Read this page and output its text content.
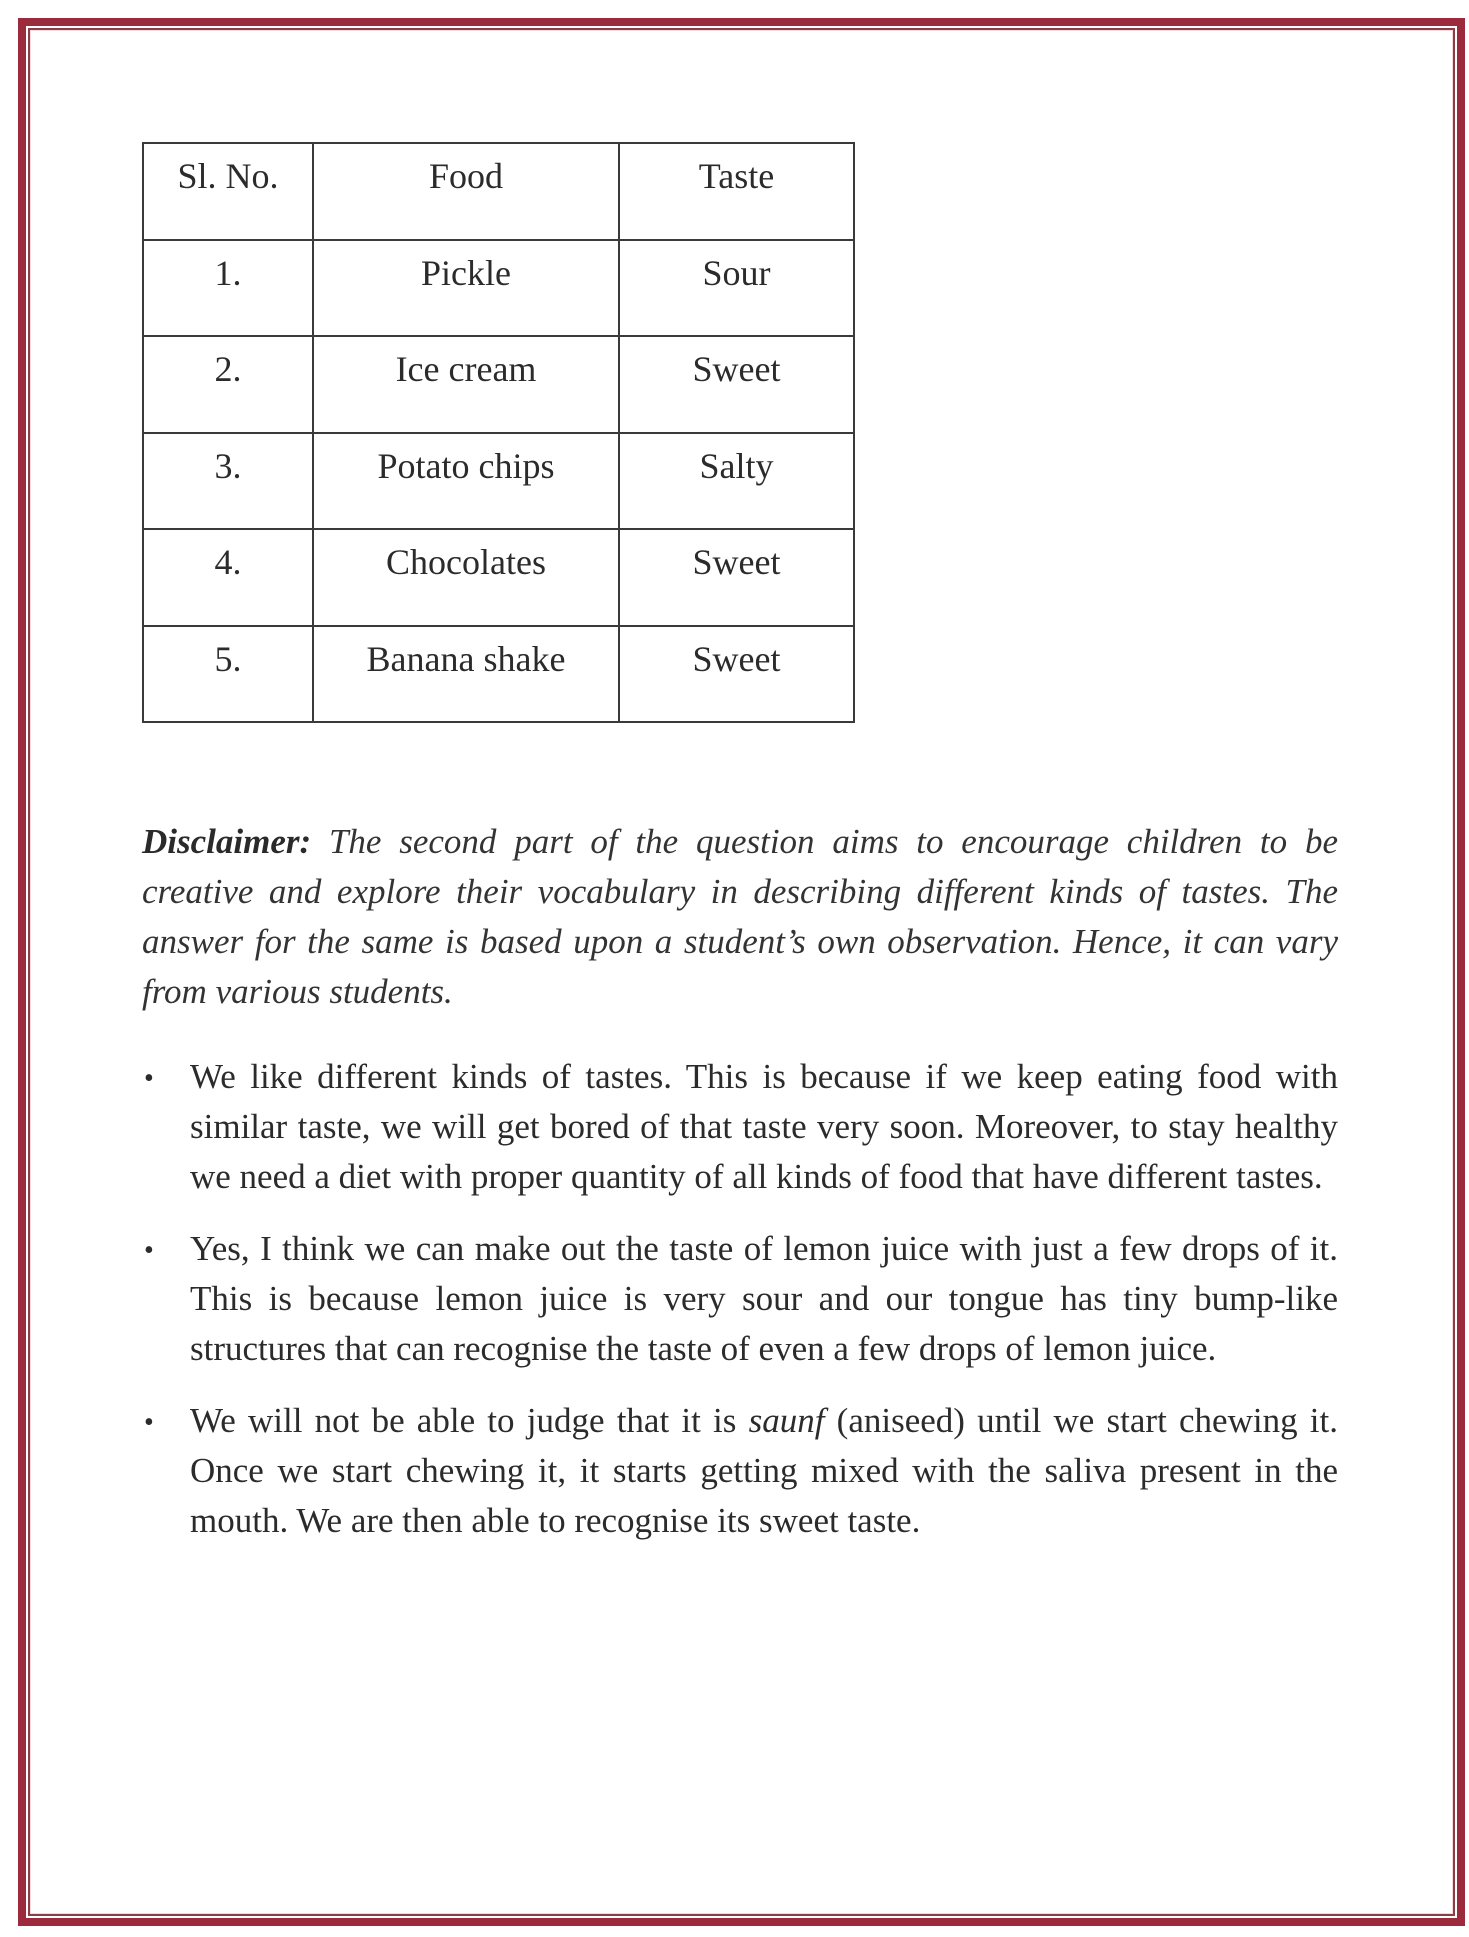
Sl. No.	Food	Taste
1.	Pickle	Sour
2.	Ice cream	Sweet
3.	Potato chips	Salty
4.	Chocolates	Sweet
5.	Banana shake	Sweet

Disclaimer: The second part of the question aims to encourage children to be creative and explore their vocabulary in describing different kinds of tastes. The answer for the same is based upon a student’s own observation. Hence, it can vary from various students.

• We like different kinds of tastes. This is because if we keep eating food with similar taste, we will get bored of that taste very soon. Moreover, to stay healthy we need a diet with proper quantity of all kinds of food that have different tastes.
• Yes, I think we can make out the taste of lemon juice with just a few drops of it. This is because lemon juice is very sour and our tongue has tiny bump-like structures that can recognise the taste of even a few drops of lemon juice.
• We will not be able to judge that it is saunf (aniseed) until we start chewing it. Once we start chewing it, it starts getting mixed with the saliva present in the mouth. We are then able to recognise its sweet taste.
